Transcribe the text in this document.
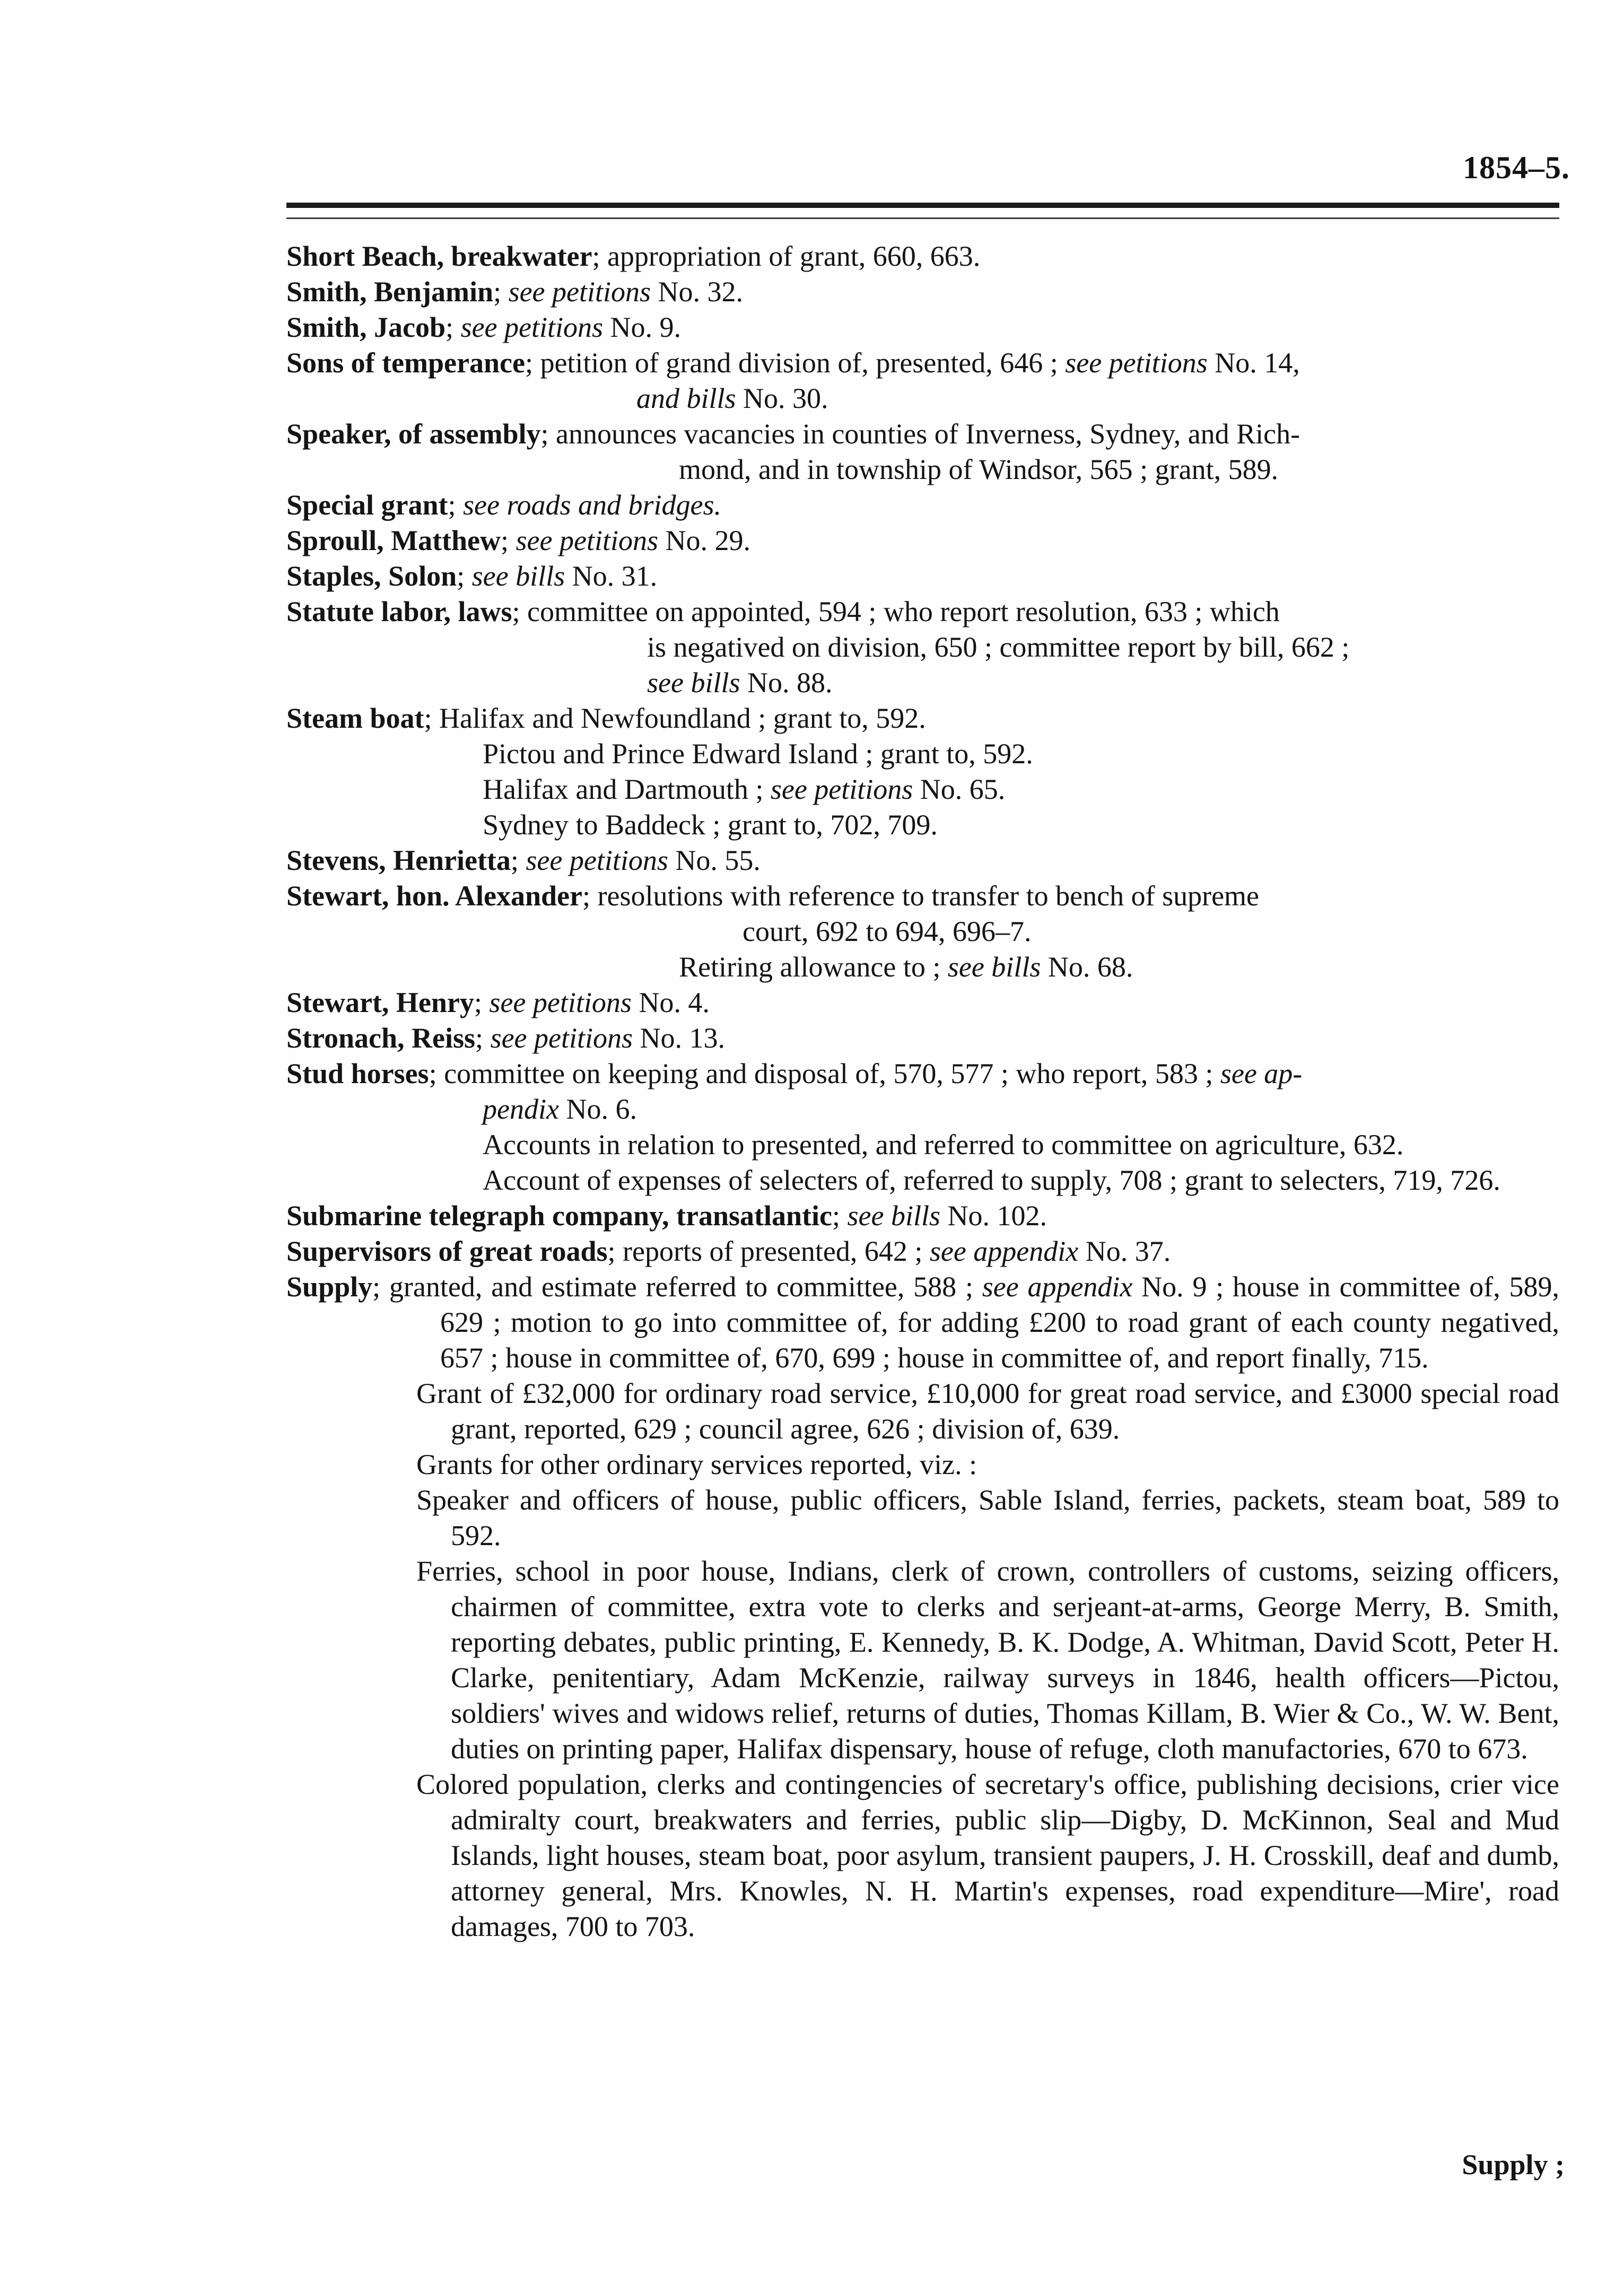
1854–5.

Short Beach, breakwater; appropriation of grant, 660, 663.

Smith, Benjamin; see petitions No. 32.

Smith, Jacob; see petitions No. 9.

Sons of temperance; petition of grand division of, presented, 646 ; see petitions No. 14,
and bills No. 30.

Speaker, of assembly; announces vacancies in counties of Inverness, Sydney, and Rich-
mond, and in township of Windsor, 565 ; grant, 589.

Special grant; see roads and bridges.

Sproull, Matthew; see petitions No. 29.

Staples, Solon; see bills No. 31.

Statute labor, laws; committee on appointed, 594 ; who report resolution, 633 ; which
is negatived on division, 650 ; committee report by bill, 662 ;
see bills No. 88.

Steam boat; Halifax and Newfoundland ; grant to, 592.
Pictou and Prince Edward Island ; grant to, 592.
Halifax and Dartmouth ; see petitions No. 65.
Sydney to Baddeck ; grant to, 702, 709.

Stevens, Henrietta; see petitions No. 55.

Stewart, hon. Alexander; resolutions with reference to transfer to bench of supreme
court, 692 to 694, 696–7.
Retiring allowance to ; see bills No. 68.

Stewart, Henry; see petitions No. 4.

Stronach, Reiss; see petitions No. 13.

Stud horses; committee on keeping and disposal of, 570, 577 ; who report, 583 ; see ap-
pendix No. 6.
Accounts in relation to presented, and referred to committee on agriculture, 632.
Account of expenses of selecters of, referred to supply, 708 ; grant to selecters, 719, 726.

Submarine telegraph company, transatlantic; see bills No. 102.

Supervisors of great roads; reports of presented, 642 ; see appendix No. 37.

Supply; granted, and estimate referred to committee, 588 ; see appendix No. 9 ; house in committee of, 589, 629 ; motion to go into committee of, for adding £200 to road grant of each county negatived, 657 ; house in committee of, 670, 699 ; house in committee of, and report finally, 715.

Grant of £32,000 for ordinary road service, £10,000 for great road service, and £3000 special road grant, reported, 629 ; council agree, 626 ; division of, 639.
Grants for other ordinary services reported, viz. :
Speaker and officers of house, public officers, Sable Island, ferries, packets, steam boat, 589 to 592.
Ferries, school in poor house, Indians, clerk of crown, controllers of customs, seizing officers, chairmen of committee, extra vote to clerks and serjeant-at-arms, George Merry, B. Smith, reporting debates, public printing, E. Kennedy, B. K. Dodge, A. Whitman, David Scott, Peter H. Clarke, penitentiary, Adam McKenzie, railway surveys in 1846, health officers—Pictou, soldiers' wives and widows relief, returns of duties, Thomas Killam, B. Wier & Co., W. W. Bent, duties on printing paper, Halifax dispensary, house of refuge, cloth manufactories, 670 to 673.
Colored population, clerks and contingencies of secretary's office, publishing decisions, crier vice admiralty court, breakwaters and ferries, public slip—Digby, D. McKinnon, Seal and Mud Islands, light houses, steam boat, poor asylum, transient paupers, J. H. Crosskill, deaf and dumb, attorney general, Mrs. Knowles, N. H. Martin's expenses, road expenditure—Mire', road damages, 700 to 703.
Supply ;
